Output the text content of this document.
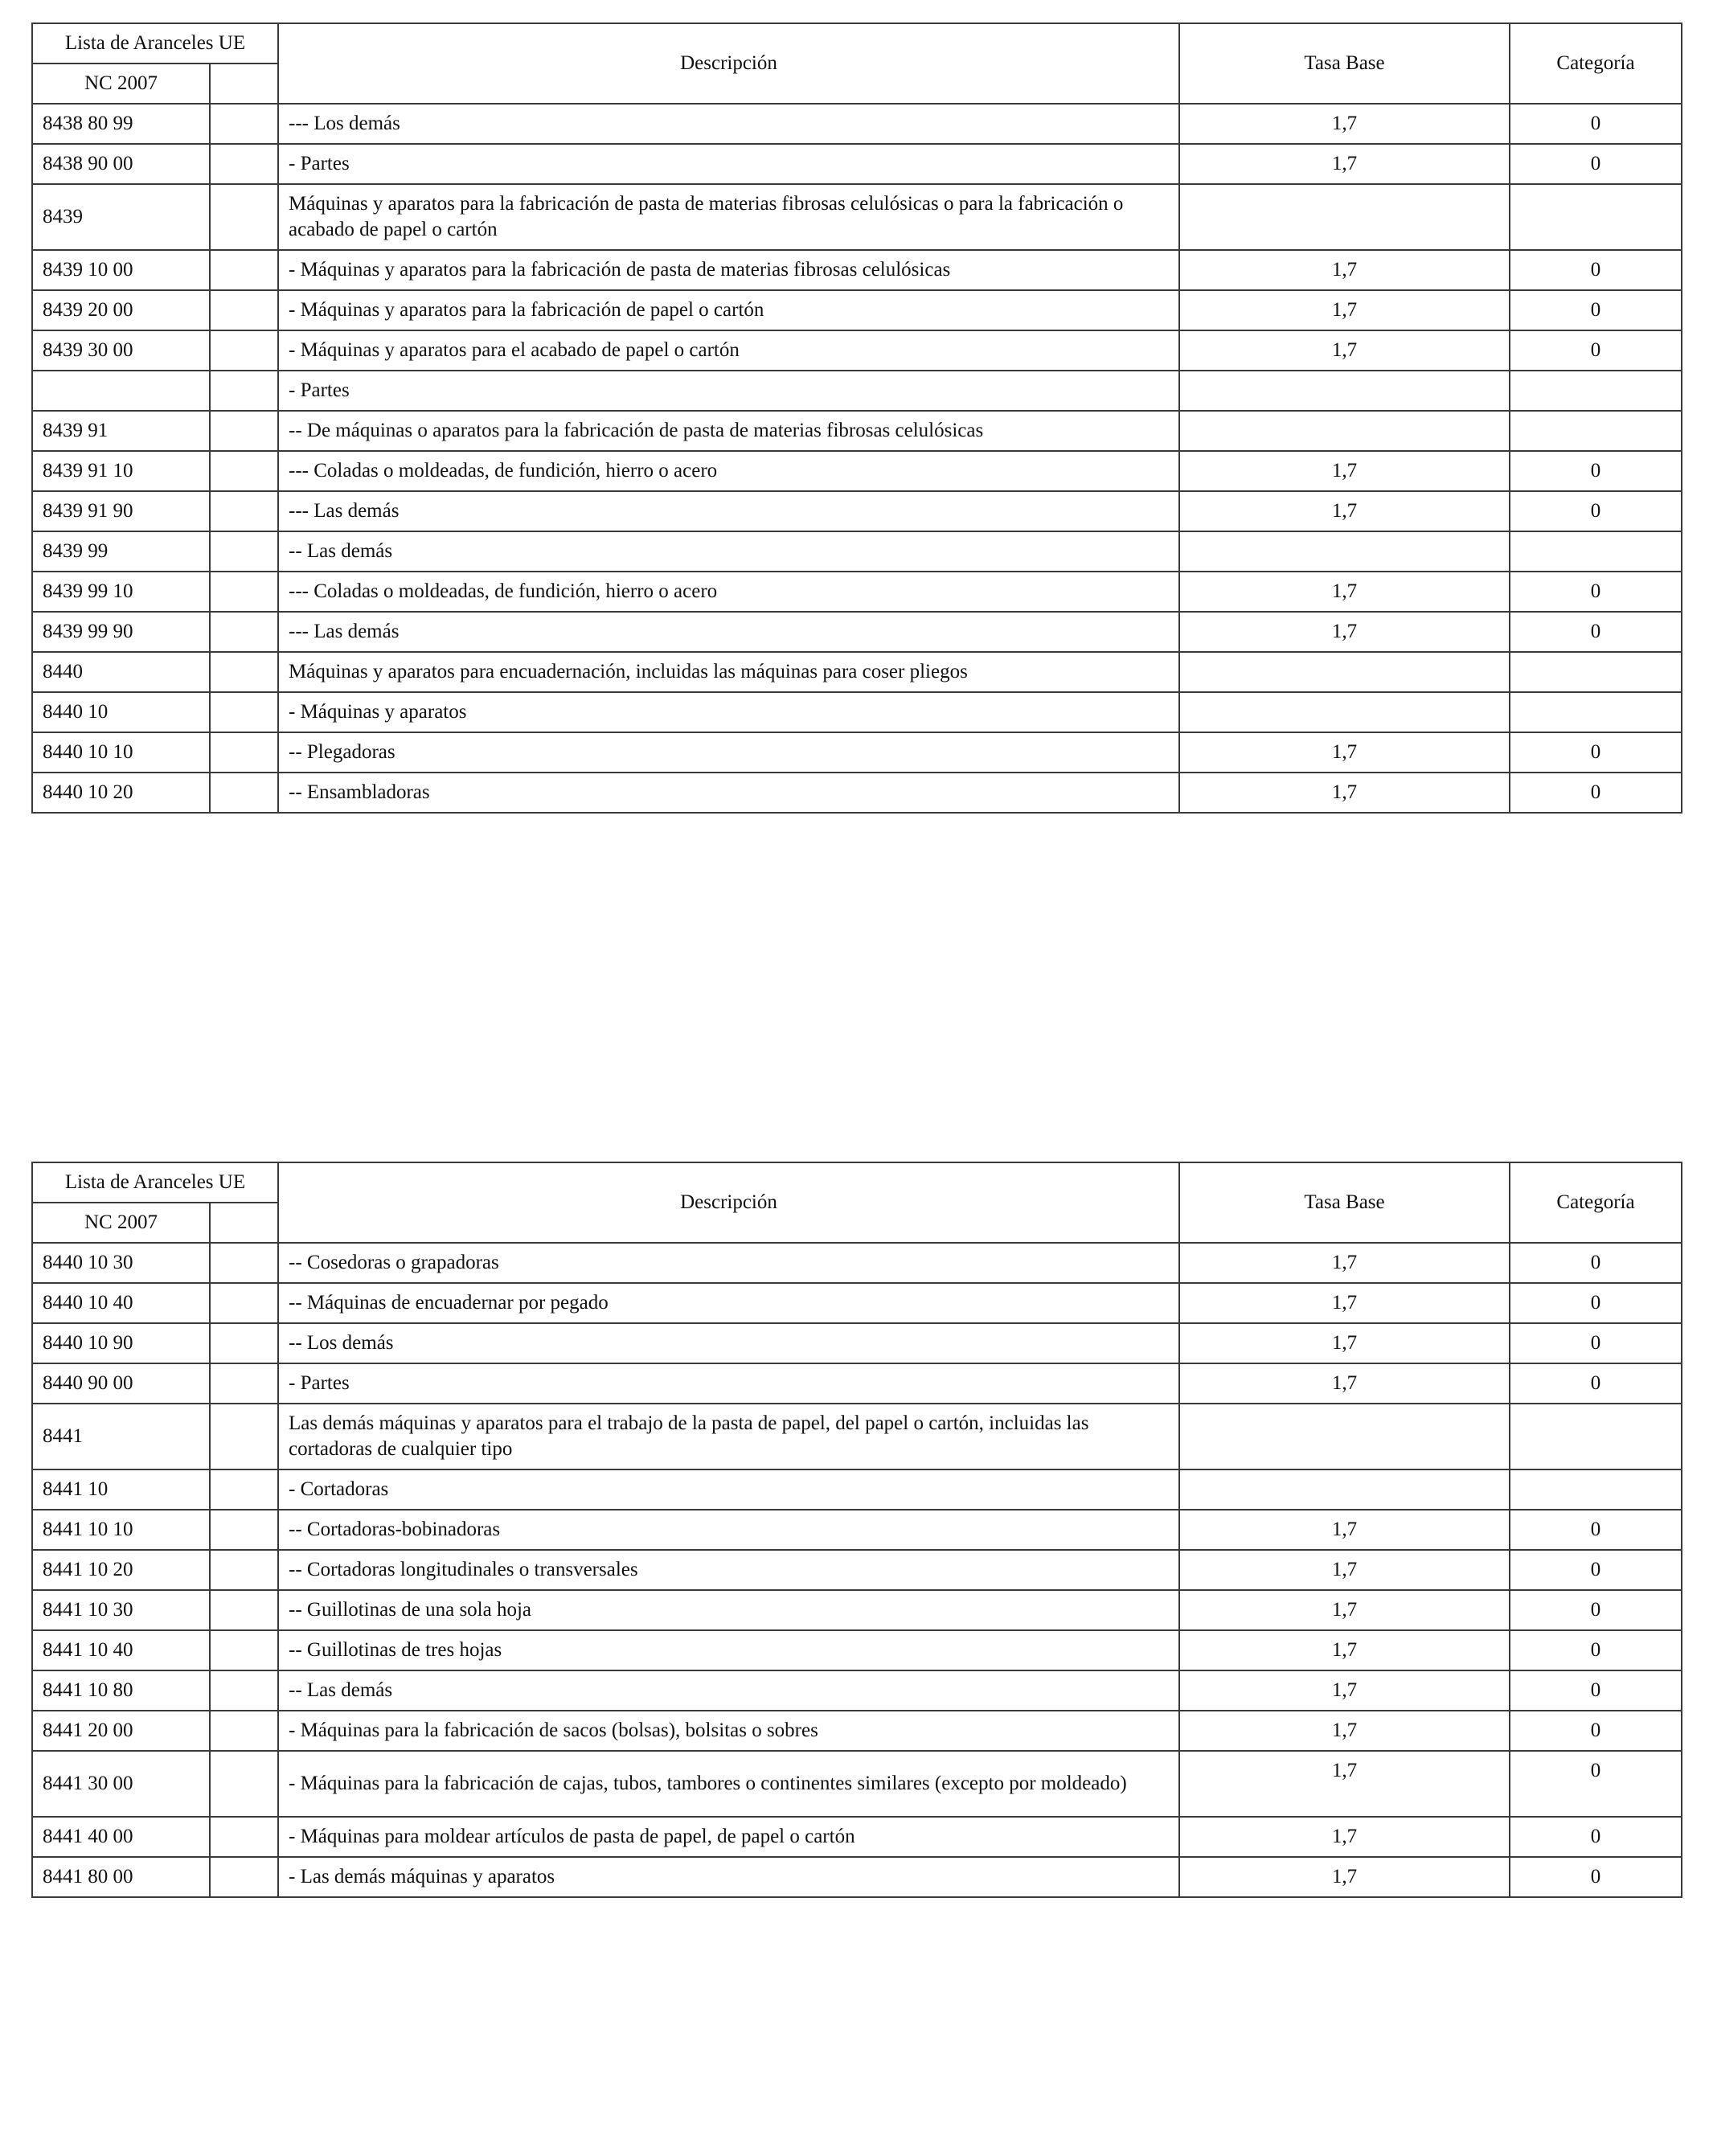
Lista de Aranceles UE		Descripción	Tasa Base	Categoría
NC 2007				
8438 80 99		--- Los demás	1,7	0
8438 90 00		- Partes	1,7	0
8439		Máquinas y aparatos para la fabricación de pasta de materias fibrosas celulósicas o para la fabricación o acabado de papel o cartón		
8439 10 00		- Máquinas y aparatos para la fabricación de pasta de materias fibrosas celulósicas	1,7	0
8439 20 00		- Máquinas y aparatos para la fabricación de papel o cartón	1,7	0
8439 30 00		- Máquinas y aparatos para el acabado de papel o cartón	1,7	0
		- Partes		
8439 91		-- De máquinas o aparatos para la fabricación de pasta de materias fibrosas celulósicas		
8439 91 10		--- Coladas o moldeadas, de fundición, hierro o acero	1,7	0
8439 91 90		--- Las demás	1,7	0
8439 99		-- Las demás		
8439 99 10		--- Coladas o moldeadas, de fundición, hierro o acero	1,7	0
8439 99 90		--- Las demás	1,7	0
8440		Máquinas y aparatos para encuadernación, incluidas las máquinas para coser pliegos		
8440 10		- Máquinas y aparatos		
8440 10 10		-- Plegadoras	1,7	0
8440 10 20		-- Ensambladoras	1,7	0
Lista de Aranceles UE		Descripción	Tasa Base	Categoría
NC 2007				
8440 10 30		-- Cosedoras o grapadoras	1,7	0
8440 10 40		-- Máquinas de encuadernar por pegado	1,7	0
8440 10 90		-- Los demás	1,7	0
8440 90 00		- Partes	1,7	0
8441		Las demás máquinas y aparatos para el trabajo de la pasta de papel, del papel o cartón, incluidas las cortadoras de cualquier tipo		
8441 10		- Cortadoras		
8441 10 10		-- Cortadoras-bobinadoras	1,7	0
8441 10 20		-- Cortadoras longitudinales o transversales	1,7	0
8441 10 30		-- Guillotinas de una sola hoja	1,7	0
8441 10 40		-- Guillotinas de tres hojas	1,7	0
8441 10 80		-- Las demás	1,7	0
8441 20 00		- Máquinas para la fabricación de sacos (bolsas), bolsitas o sobres	1,7	0
8441 30 00		- Máquinas para la fabricación de cajas, tubos, tambores o continentes similares (excepto por moldeado)	1,7	0
8441 40 00		- Máquinas para moldear artículos de pasta de papel, de papel o cartón	1,7	0
8441 80 00		- Las demás máquinas y aparatos	1,7	0
